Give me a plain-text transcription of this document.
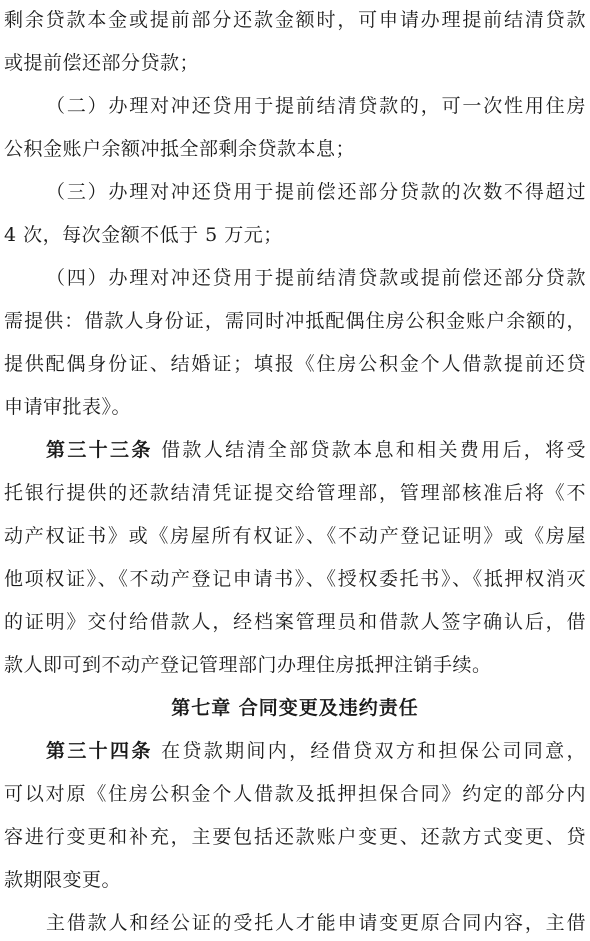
剩余贷款本金或提前部分还款金额时，可申请办理提前结清贷款
或提前偿还部分贷款；
（二）办理对冲还贷用于提前结清贷款的，可一次性用住房
公积金账户余额冲抵全部剩余贷款本息；
（三）办理对冲还贷用于提前偿还部分贷款的次数不得超过
4 次，每次金额不低于 5 万元；
（四）办理对冲还贷用于提前结清贷款或提前偿还部分贷款
需提供：借款人身份证，需同时冲抵配偶住房公积金账户余额的，
提供配偶身份证、结婚证；填报《住房公积金个人借款提前还贷
申请审批表》。
第三十三条 借款人结清全部贷款本息和相关费用后，将受
托银行提供的还款结清凭证提交给管理部，管理部核准后将《不
动产权证书》或《房屋所有权证》、《不动产登记证明》或《房屋
他项权证》、《不动产登记申请书》、《授权委托书》、《抵押权消灭
的证明》交付给借款人，经档案管理员和借款人签字确认后，借
款人即可到不动产登记管理部门办理住房抵押注销手续。
第七章 合同变更及违约责任
第三十四条 在贷款期间内，经借贷双方和担保公司同意，
可以对原《住房公积金个人借款及抵押担保合同》约定的部分内
容进行变更和补充，主要包括还款账户变更、还款方式变更、贷
款期限变更。
主借款人和经公证的受托人才能申请变更原合同内容，主借
